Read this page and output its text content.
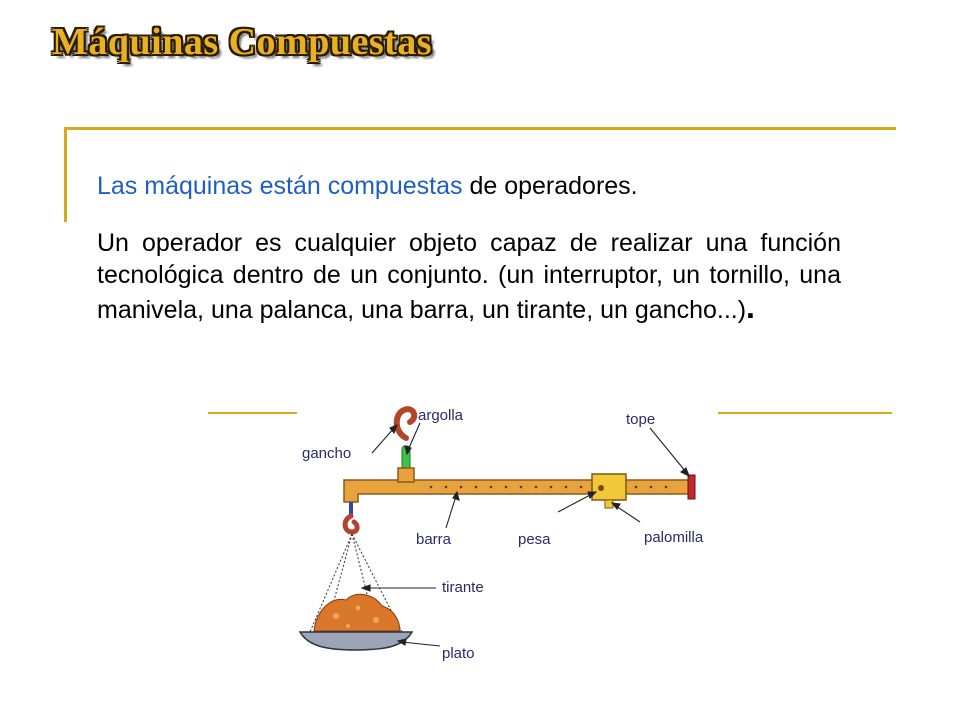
Máquinas Compuestas
Las máquinas están compuestas de operadores.
Un operador es cualquier objeto capaz de realizar una función tecnológica dentro de un conjunto. (un interruptor, un tornillo, una manivela, una palanca, una barra, un tirante, un gancho...).
argolla	tope
gancho
barra	pesa	palomilla
tirante
plato
